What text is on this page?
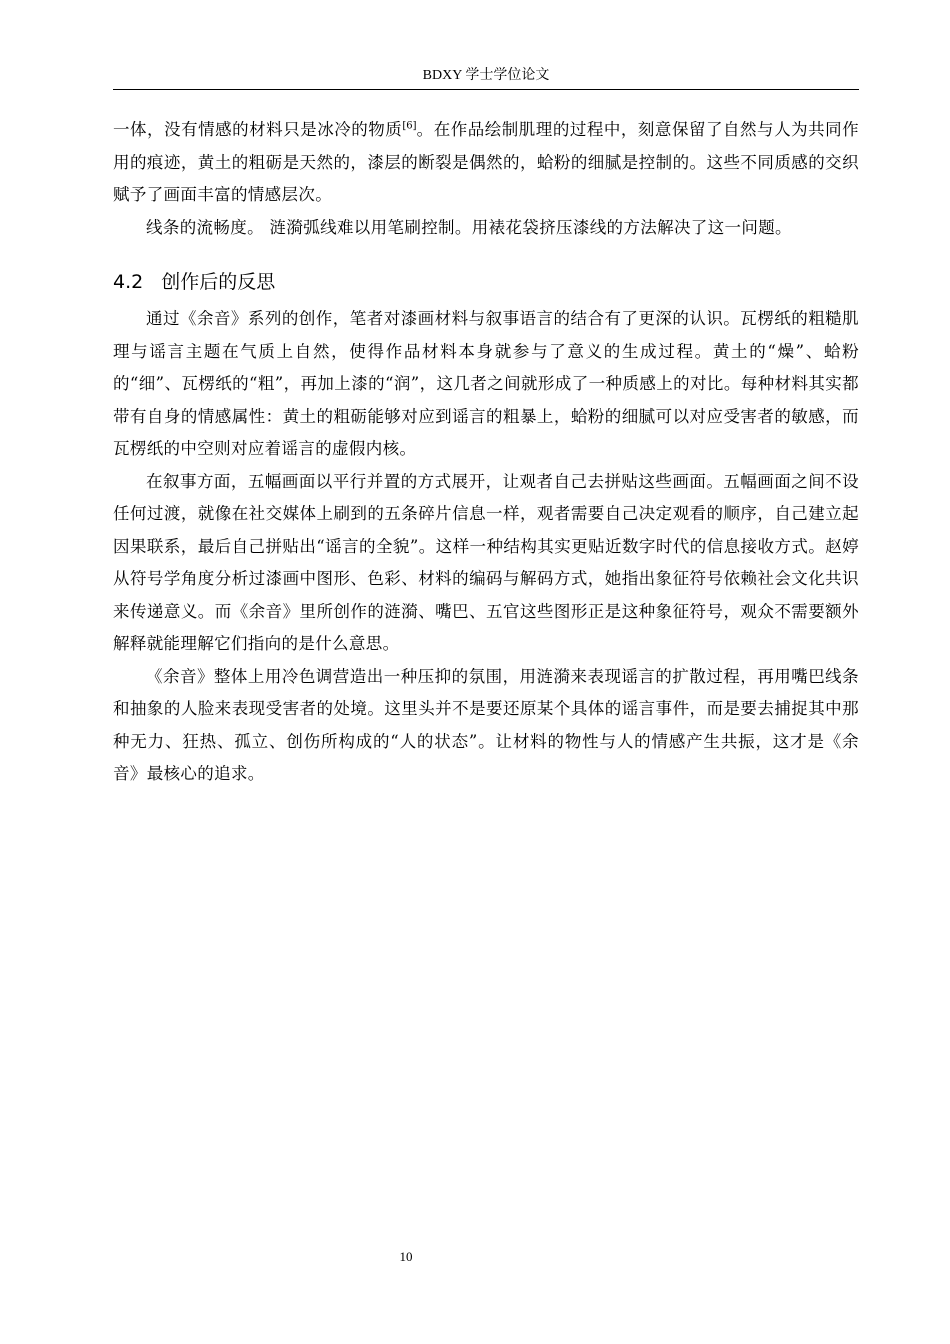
BDXY 学士学位论文

一体，没有情感的材料只是冰冷的物质[6]。在作品绘制肌理的过程中，刻意保留了自然与人为共同作用的痕迹，黄土的粗砺是天然的，漆层的断裂是偶然的，蛤粉的细腻是控制的。这些不同质感的交织赋予了画面丰富的情感层次。

线条的流畅度。 涟漪弧线难以用笔刷控制。用裱花袋挤压漆线的方法解决了这一问题。

4.2 创作后的反思

通过《余音》系列的创作，笔者对漆画材料与叙事语言的结合有了更深的认识。瓦楞纸的粗糙肌理与谣言主题在气质上自然，使得作品材料本身就参与了意义的生成过程。黄土的“燥”、蛤粉的“细”、瓦楞纸的“粗”，再加上漆的“润”，这几者之间就形成了一种质感上的对比。每种材料其实都带有自身的情感属性：黄土的粗砺能够对应到谣言的粗暴上，蛤粉的细腻可以对应受害者的敏感，而瓦楞纸的中空则对应着谣言的虚假内核。

在叙事方面，五幅画面以平行并置的方式展开，让观者自己去拼贴这些画面。五幅画面之间不设任何过渡，就像在社交媒体上刷到的五条碎片信息一样，观者需要自己决定观看的顺序，自己建立起因果联系，最后自己拼贴出“谣言的全貌”。这样一种结构其实更贴近数字时代的信息接收方式。赵婷从符号学角度分析过漆画中图形、色彩、材料的编码与解码方式，她指出象征符号依赖社会文化共识来传递意义。而《余音》里所创作的涟漪、嘴巴、五官这些图形正是这种象征符号，观众不需要额外解释就能理解它们指向的是什么意思。

《余音》整体上用冷色调营造出一种压抑的氛围，用涟漪来表现谣言的扩散过程，再用嘴巴线条和抽象的人脸来表现受害者的处境。这里头并不是要还原某个具体的谣言事件，而是要去捕捉其中那种无力、狂热、孤立、创伤所构成的“人的状态”。让材料的物性与人的情感产生共振，这才是《余音》最核心的追求。

10
